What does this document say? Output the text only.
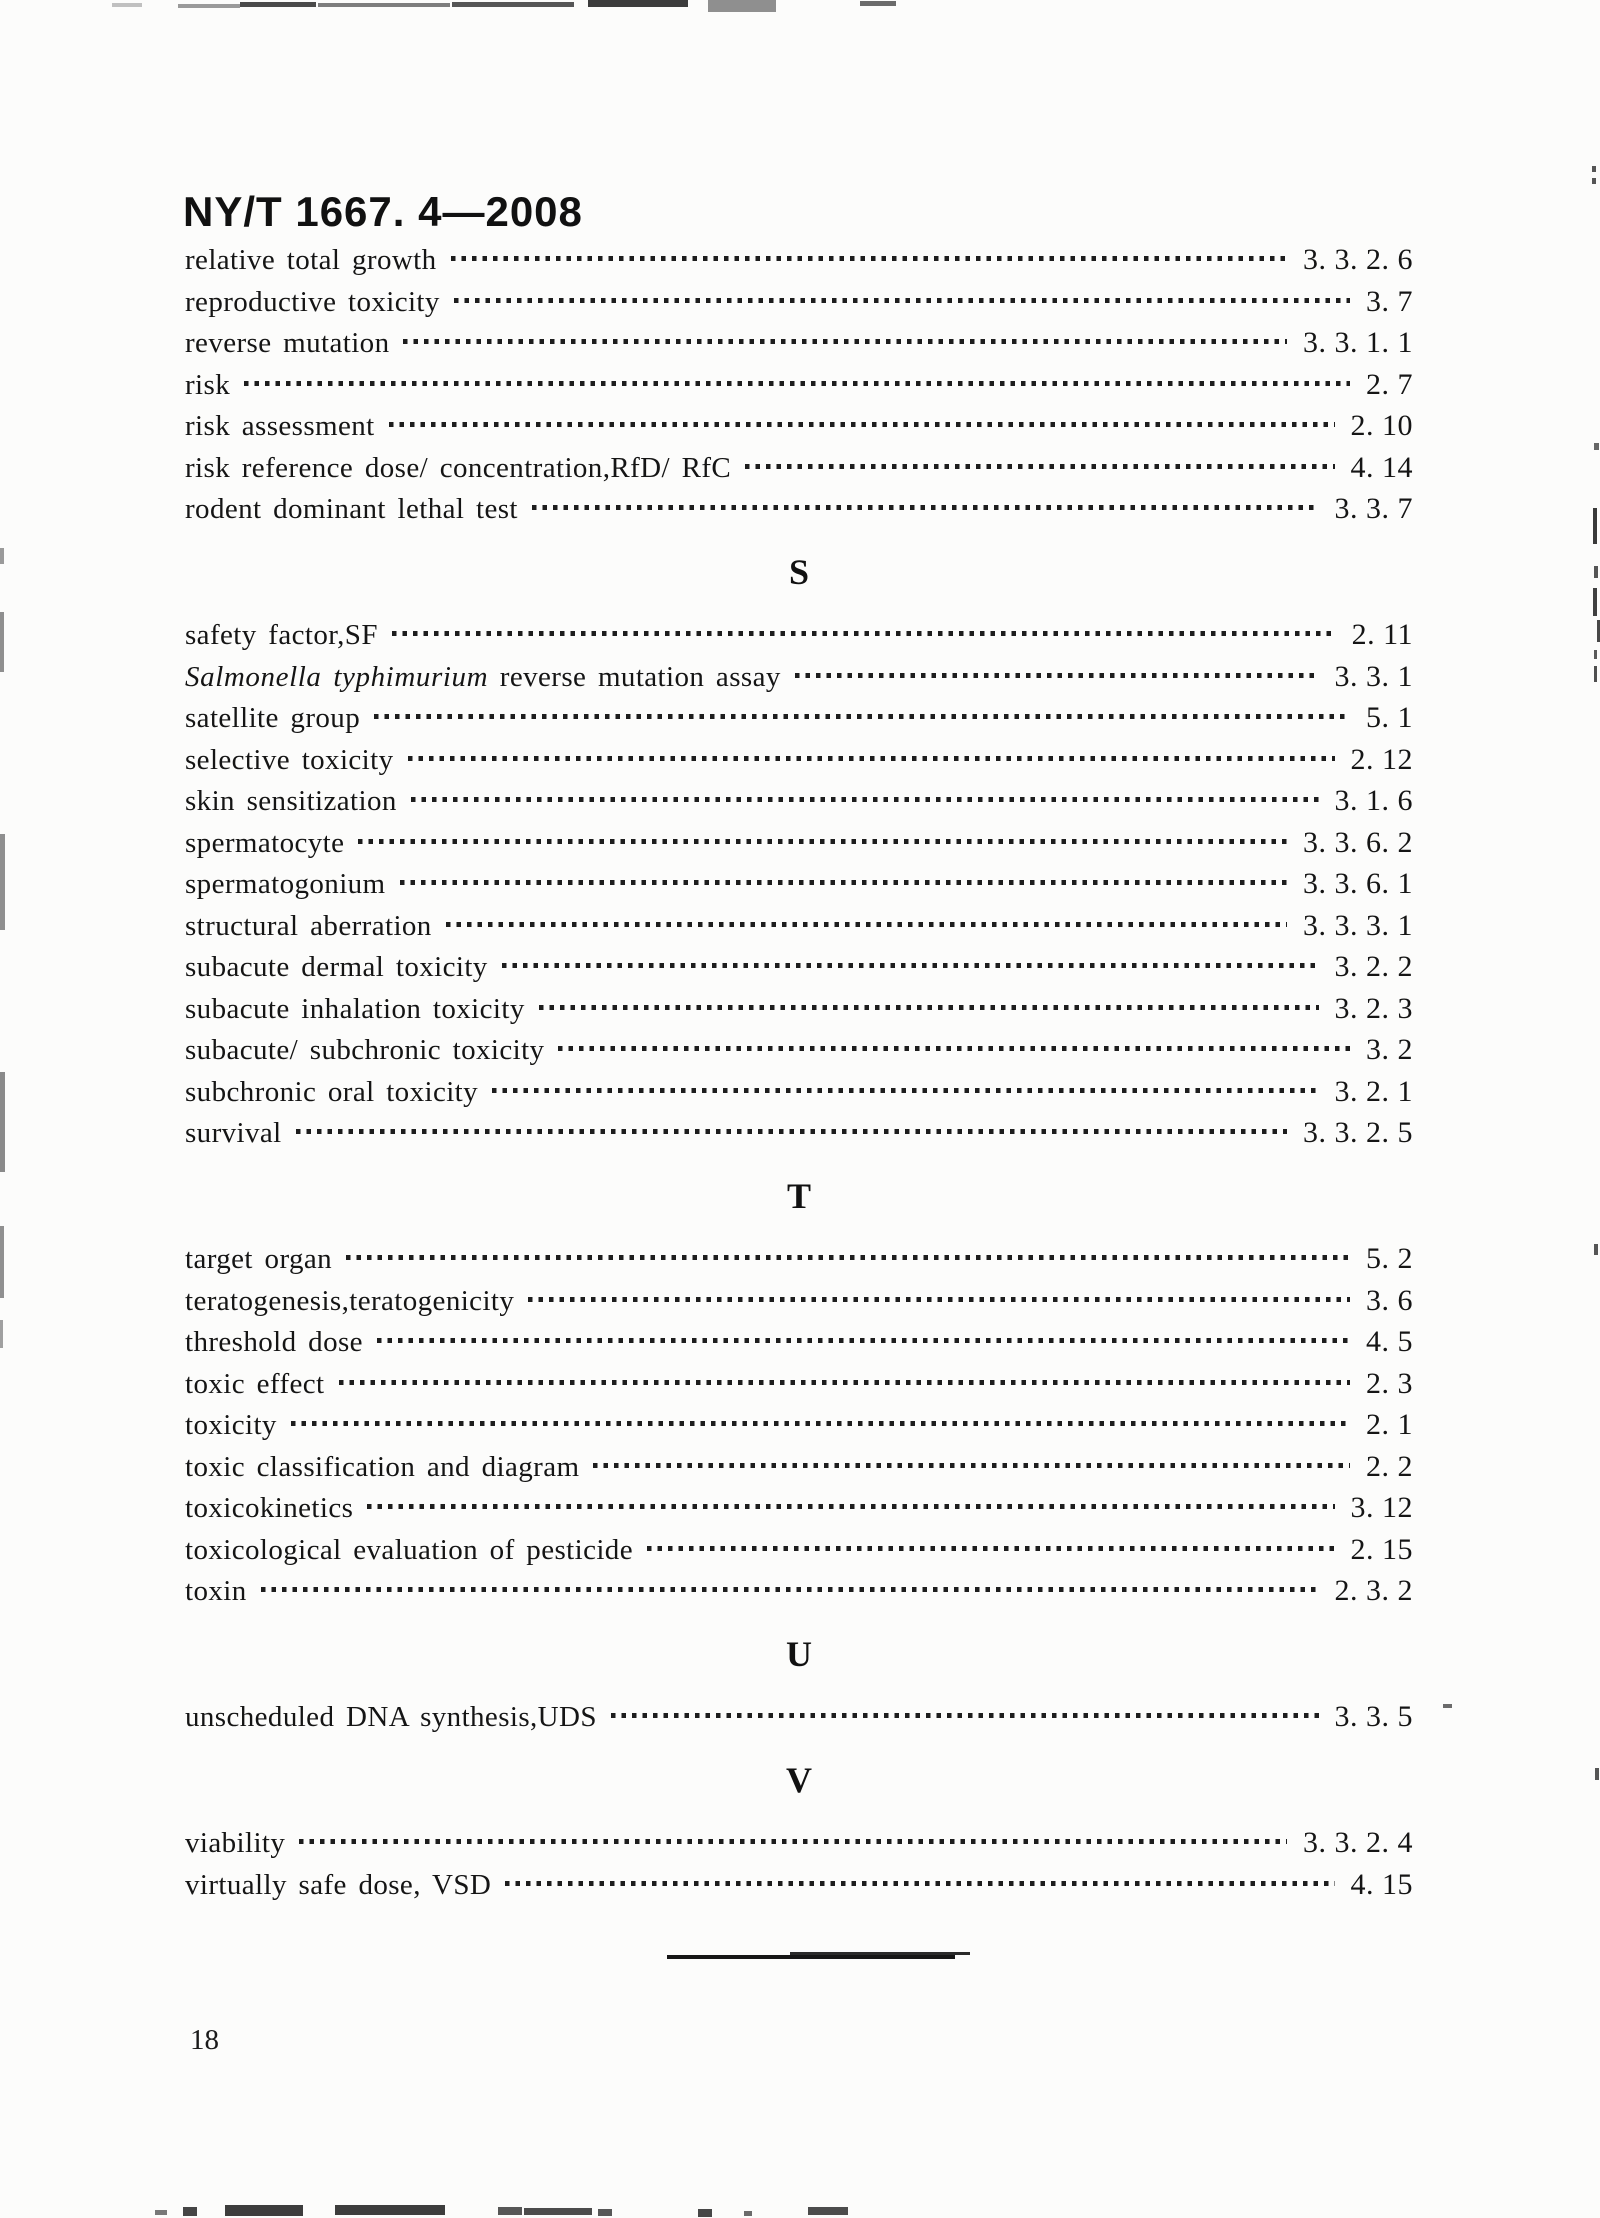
NY/T 1667. 4—2008
relative total growth	3. 3. 2. 6
reproductive toxicity	3. 7
reverse mutation	3. 3. 1. 1
risk	2. 7
risk assessment	2. 10
risk reference dose/ concentration,RfD/ RfC	4. 14
rodent dominant lethal test	3. 3. 7
S
safety factor,SF	2. 11
Salmonella typhimurium reverse mutation assay	3. 3. 1
satellite group	5. 1
selective toxicity	2. 12
skin sensitization	3. 1. 6
spermatocyte	3. 3. 6. 2
spermatogonium	3. 3. 6. 1
structural aberration	3. 3. 3. 1
subacute dermal toxicity	3. 2. 2
subacute inhalation toxicity	3. 2. 3
subacute/ subchronic toxicity	3. 2
subchronic oral toxicity	3. 2. 1
survival	3. 3. 2. 5
T
target organ	5. 2
teratogenesis,teratogenicity	3. 6
threshold dose	4. 5
toxic effect	2. 3
toxicity	2. 1
toxic classification and diagram	2. 2
toxicokinetics	3. 12
toxicological evaluation of pesticide	2. 15
toxin	2. 3. 2
U
unscheduled DNA synthesis,UDS	3. 3. 5
V
viability	3. 3. 2. 4
virtually safe dose, VSD	4. 15
18
